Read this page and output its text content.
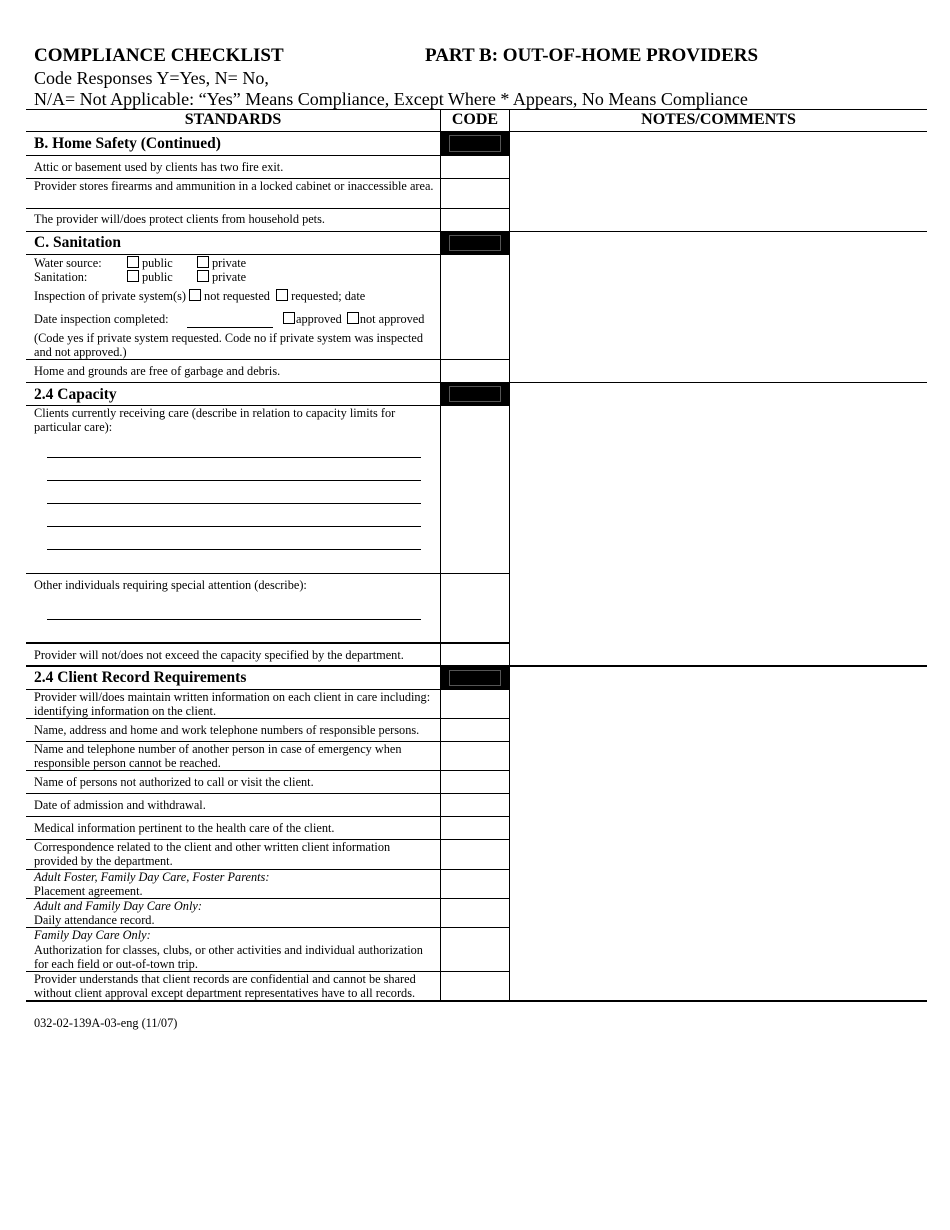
COMPLIANCE CHECKLIST	PART B: OUT-OF-HOME PROVIDERS
Code Responses Y=Yes, N= No,
N/A= Not Applicable: “Yes” Means Compliance, Except Where * Appears, No Means Compliance
STANDARDS	CODE	NOTES/COMMENTS
B. Home Safety (Continued)
Attic or basement used by clients has two fire exit.
Provider stores firearms and ammunition in a locked cabinet or inaccessible area.
The provider will/does protect clients from household pets.
C. Sanitation
Water source:	public	private
Sanitation:	public	private
Inspection of private system(s) not requested requested; date
Date inspection completed:	approved not approved
(Code yes if private system requested. Code no if private system was inspected and not approved.)
Home and grounds are free of garbage and debris.
2.4 Capacity
Clients currently receiving care (describe in relation to capacity limits for particular care):
Other individuals requiring special attention (describe):
Provider will not/does not exceed the capacity specified by the department.
2.4 Client Record Requirements
Provider will/does maintain written information on each client in care including: identifying information on the client.
Name, address and home and work telephone numbers of responsible persons.
Name and telephone number of another person in case of emergency when responsible person cannot be reached.
Name of persons not authorized to call or visit the client.
Date of admission and withdrawal.
Medical information pertinent to the health care of the client.
Correspondence related to the client and other written client information provided by the department.
Adult Foster, Family Day Care, Foster Parents:
Placement agreement.
Adult and Family Day Care Only:
Daily attendance record.
Family Day Care Only:
Authorization for classes, clubs, or other activities and individual authorization for each field or out-of-town trip.
Provider understands that client records are confidential and cannot be shared without client approval except department representatives have to all records.
032-02-139A-03-eng (11/07)
